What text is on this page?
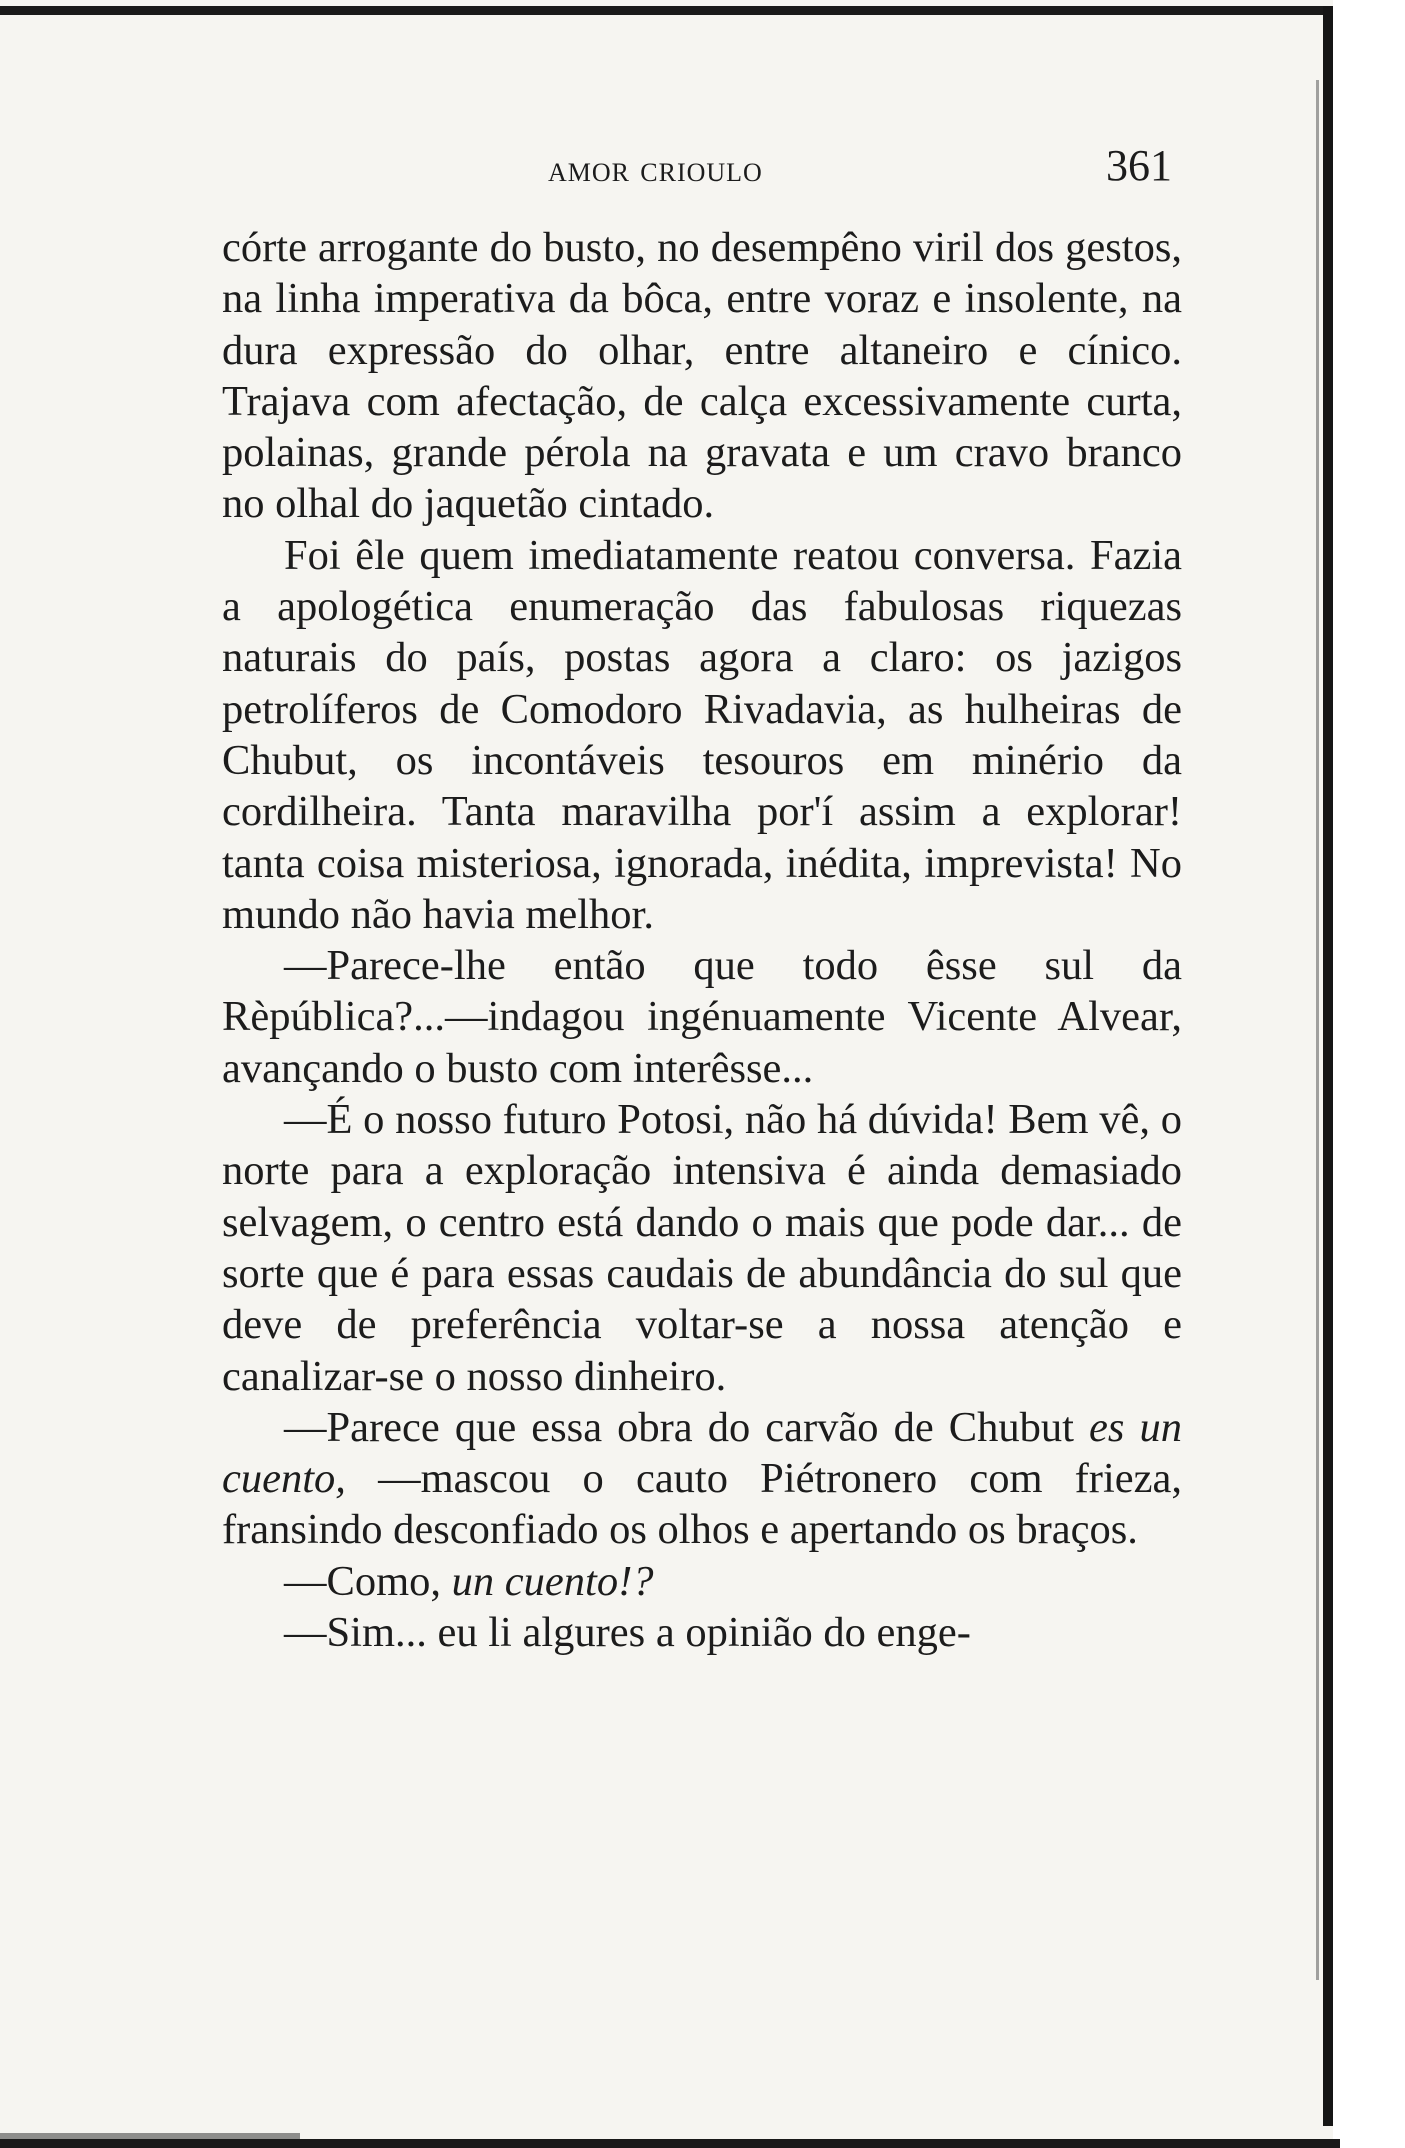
amor crioulo	361

córte arrogante do busto, no desempêno viril dos gestos, na linha imperativa da bôca, entre voraz e insolente, na dura expressão do olhar, entre altaneiro e cínico. Trajava com afectação, de calça excessivamente curta, polainas, grande pérola na gravata e um cravo branco no olhal do jaquetão cintado.

Foi êle quem imediatamente reatou conversa. Fazia a apologética enumeração das fabulosas riquezas naturais do país, postas agora a claro: os jazigos petrolíferos de Comodoro Rivadavia, as hulheiras de Chubut, os incontáveis tesouros em minério da cordilheira. Tanta maravilha por'í assim a explorar! tanta coisa misteriosa, ignorada, inédita, imprevista! No mundo não havia melhor.

—Parece-lhe então que todo êsse sul da Rèpública?...—indagou ingénuamente Vicente Alvear, avançando o busto com interêsse...

—É o nosso futuro Potosi, não há dúvida! Bem vê, o norte para a exploração intensiva é ainda demasiado selvagem, o centro está dando o mais que pode dar... de sorte que é para essas caudais de abundância do sul que deve de preferência voltar-se a nossa atenção e canalizar-se o nosso dinheiro.

—Parece que essa obra do carvão de Chubut es un cuento, —mascou o cauto Piétronero com frieza, fransindo desconfiado os olhos e apertando os braços.

—Como, un cuento!?

—Sim... eu li algures a opinião do enge-
